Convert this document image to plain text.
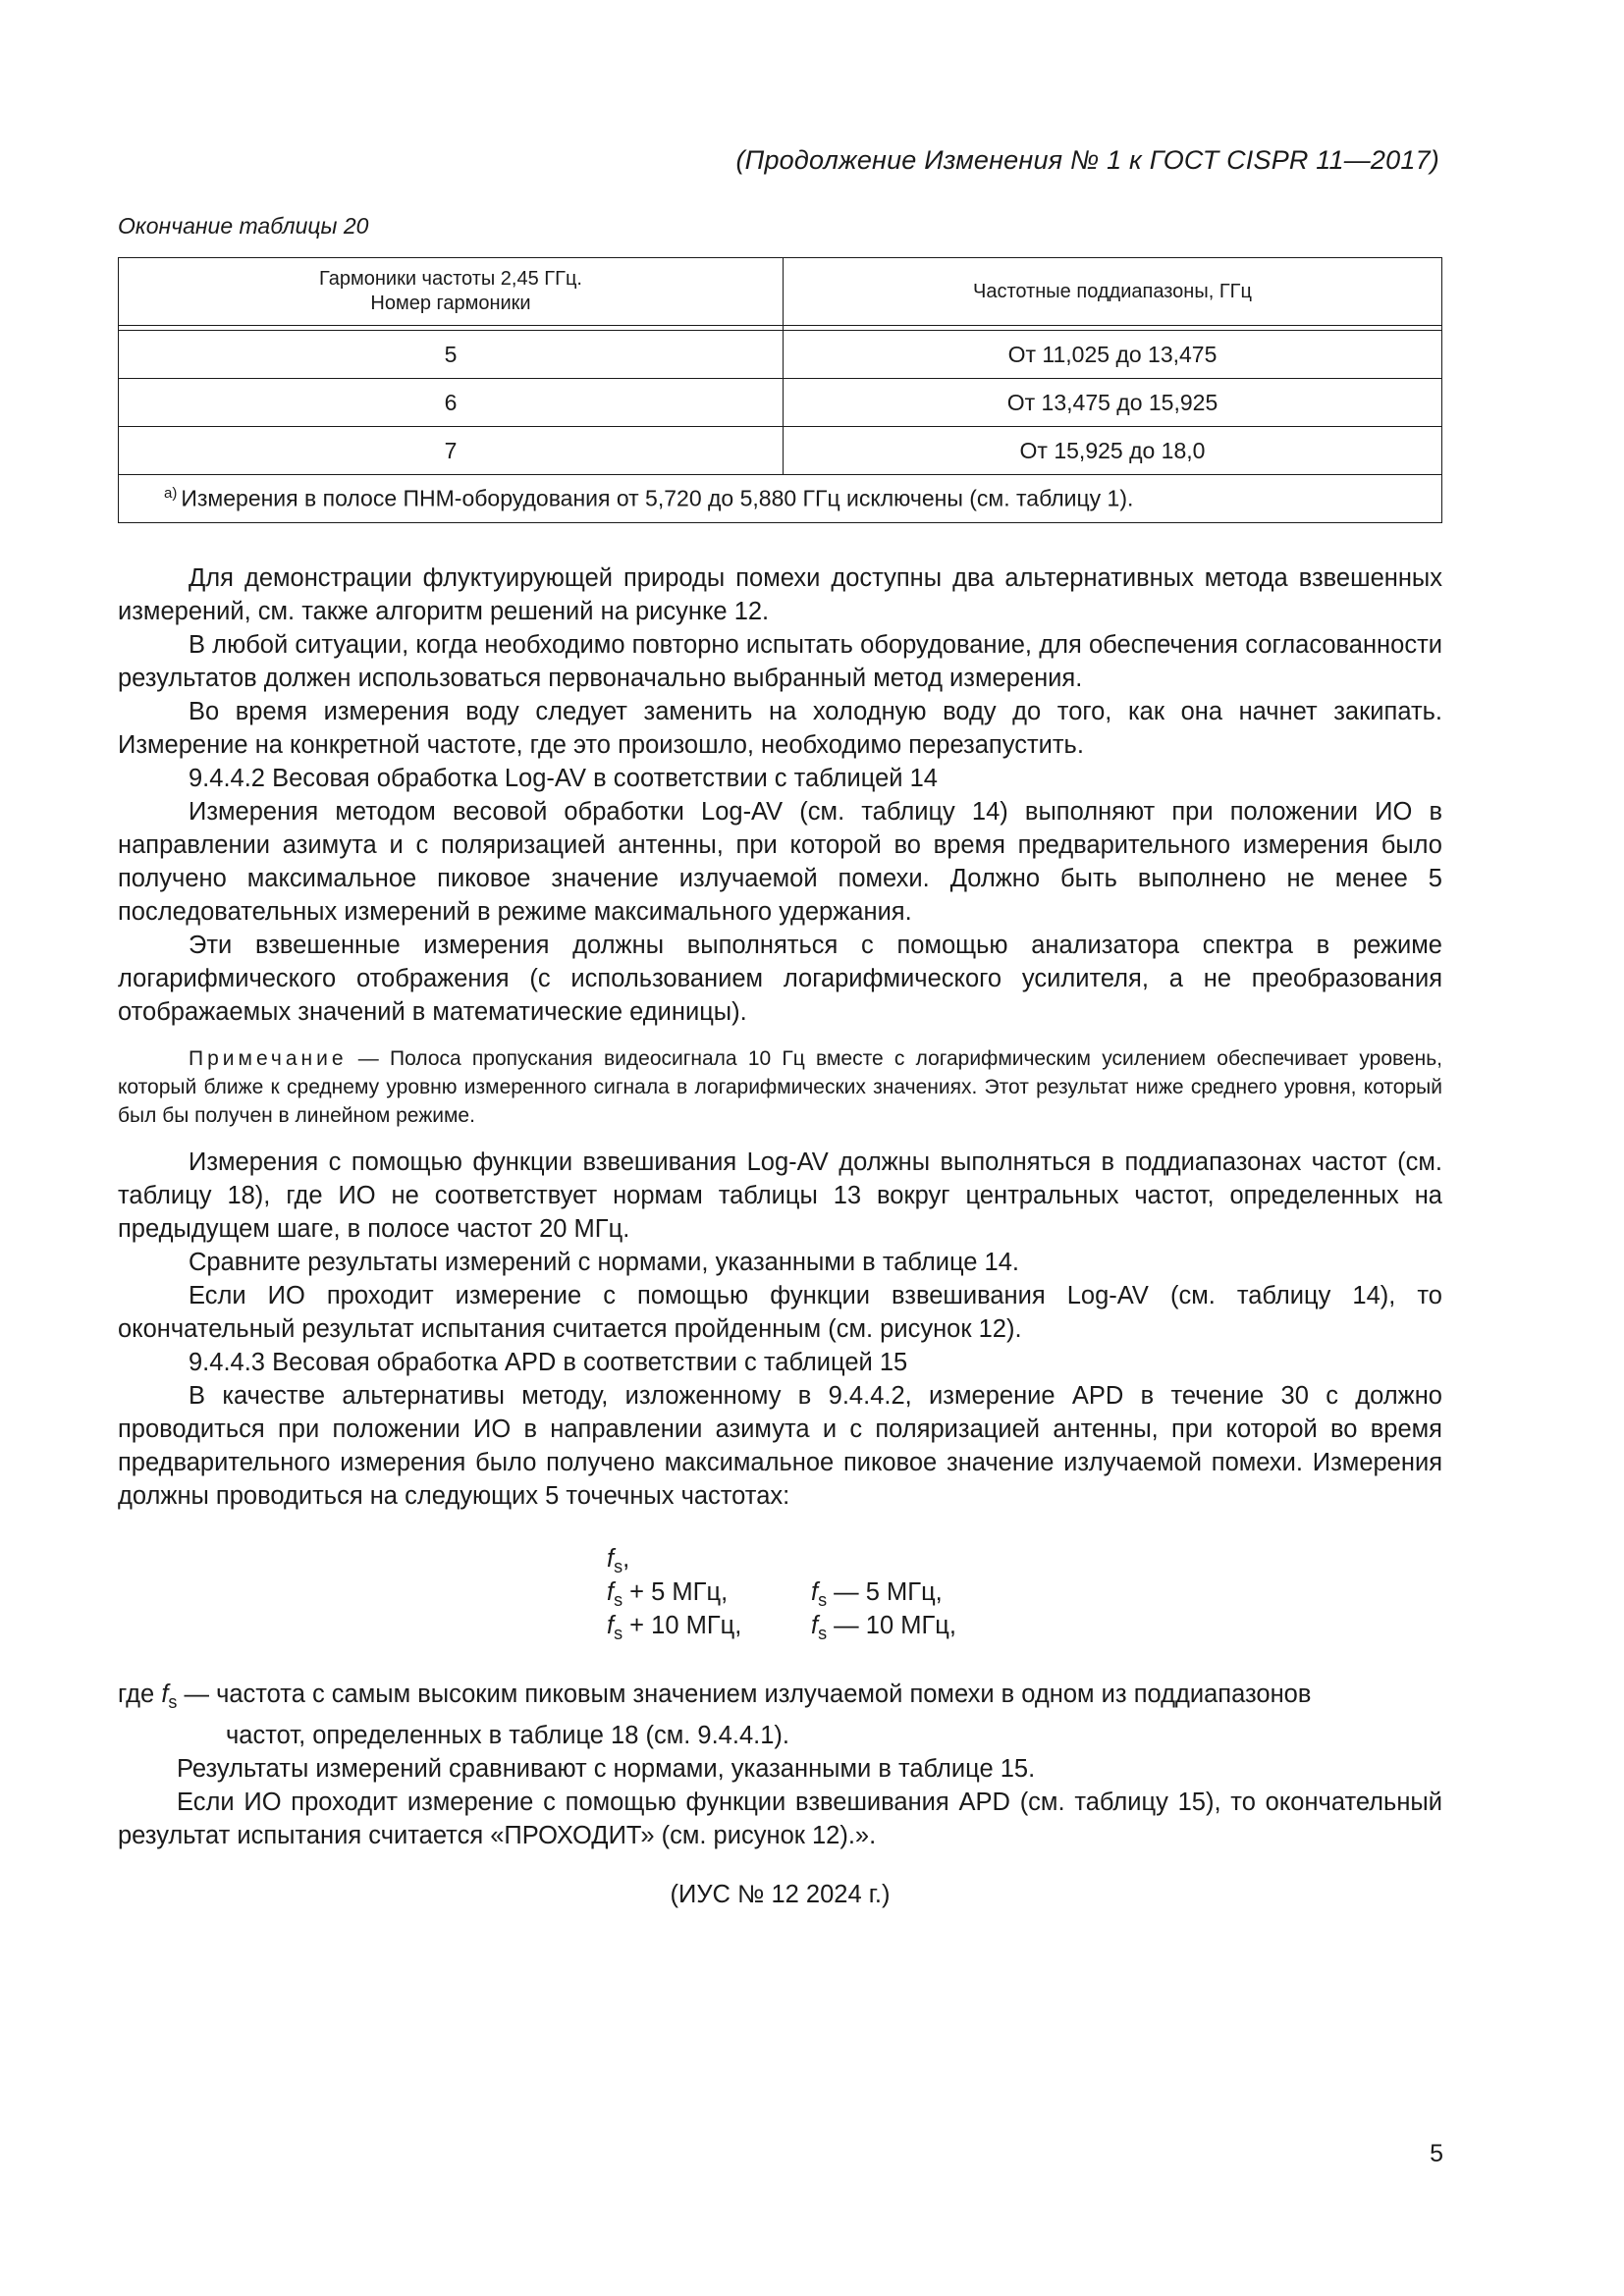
(Продолжение Изменения № 1 к ГОСТ CISPR 11—2017)
Окончание таблицы 20
Гармоники частоты 2,45 ГГц.
Номер гармоники	Частотные поддиапазоны, ГГц

5	От 11,025 до 13,475
6	От 13,475 до 15,925
7	От 15,925 до 18,0
$^{a)}$ Измерения в полосе ПНМ-оборудования от 5,720 до 5,880 ГГц исключены (см. таблицу 1).	

Для демонстрации флуктуирующей природы помехи доступны два альтернативных метода взвешенных измерений, см. также алгоритм решений на рисунке 12.

В любой ситуации, когда необходимо повторно испытать оборудование, для обеспечения согласованности результатов должен использоваться первоначально выбранный метод измерения.

Во время измерения воду следует заменить на холодную воду до того, как она начнет закипать. Измерение на конкретной частоте, где это произошло, необходимо перезапустить.

9.4.4.2 Весовая обработка Log-AV в соответствии с таблицей 14

Измерения методом весовой обработки Log-AV (см. таблицу 14) выполняют при положении ИО в направлении азимута и с поляризацией антенны, при которой во время предварительного измерения было получено максимальное пиковое значение излучаемой помехи. Должно быть выполнено не менее 5 последовательных измерений в режиме максимального удержания.

Эти взвешенные измерения должны выполняться с помощью анализатора спектра в режиме логарифмического отображения (с использованием логарифмического усилителя, а не преобразования отображаемых значений в математические единицы).

Примечание — Полоса пропускания видеосигнала 10 Гц вместе с логарифмическим усилением обеспечивает уровень, который ближе к среднему уровню измеренного сигнала в логарифмических значениях. Этот результат ниже среднего уровня, который был бы получен в линейном режиме.

Измерения с помощью функции взвешивания Log-AV должны выполняться в поддиапазонах частот (см. таблицу 18), где ИО не соответствует нормам таблицы 13 вокруг центральных частот, определенных на предыдущем шаге, в полосе частот 20 МГц.

Сравните результаты измерений с нормами, указанными в таблице 14.

Если ИО проходит измерение с помощью функции взвешивания Log-AV (см. таблицу 14), то окончательный результат испытания считается пройденным (см. рисунок 12).

9.4.4.3 Весовая обработка APD в соответствии с таблицей 15

В качестве альтернативы методу, изложенному в 9.4.4.2, измерение APD в течение 30 с должно проводиться при положении ИО в направлении азимута и с поляризацией антенны, при которой во время предварительного измерения было получено максимальное пиковое значение излучаемой помехи. Измерения должны проводиться на следующих 5 точечных частотах:

$f_s$,
$f_s + 5$ МГц,	$f_s$ — 5 МГц,
$f_s + 10$ МГц,	$f_s$ — 10 МГц,

где $f_s$ — частота с самым высоким пиковым значением излучаемой помехи в одном из поддиапазонов

частот, определенных в таблице 18 (см. 9.4.4.1).

Результаты измерений сравнивают с нормами, указанными в таблице 15.

Если ИО проходит измерение с помощью функции взвешивания APD (см. таблицу 15), то окончательный результат испытания считается «ПРОХОДИТ» (см. рисунок 12).».

(ИУС № 12 2024 г.)
5
